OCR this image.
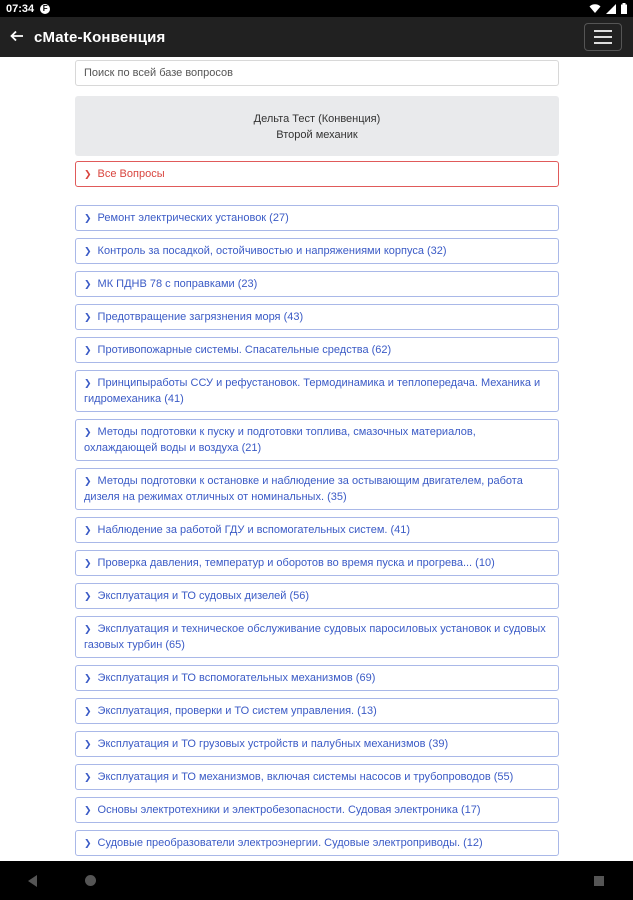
07:34	F
cMate-Конвенция
Поиск по всей базе вопросов
Дельта Тест (Конвенция)
Второй механик
❯ Все Вопросы
❯ Ремонт электрических установок (27)
❯ Контроль за посадкой, остойчивостью и напряжениями корпуса (32)
❯ МК ПДНВ 78 с поправками (23)
❯ Предотвращение загрязнения моря (43)
❯ Противопожарные системы. Спасательные средства (62)
❯ Принципыработы ССУ и рефустановок. Термодинамика и теплопередача. Механика и гидромеханика (41)
❯ Методы подготовки к пуску и подготовки топлива, смазочных материалов, охлаждающей воды и воздуха (21)
❯ Методы подготовки к остановке и наблюдение за остывающим двигателем, работа дизеля на режимах отличных от номинальных. (35)
❯ Наблюдение за работой ГДУ и вспомогательных систем. (41)
❯ Проверка давления, температур и оборотов во время пуска и прогрева... (10)
❯ Эксплуатация и ТО судовых дизелей (56)
❯ Эксплуатация и техническое обслуживание судовых паросиловых установок и судовых газовых турбин (65)
❯ Эксплуатация и ТО вспомогательных механизмов (69)
❯ Эксплуатация, проверки и ТО систем управления. (13)
❯ Эксплуатация и ТО грузовых устройств и палубных механизмов (39)
❯ Эксплуатация и ТО механизмов, включая системы насосов и трубопроводов (55)
❯ Основы электротехники и электробезопасности. Судовая электроника (17)
❯ Судовые преобразователи электроэнергии. Судовые электроприводы. (12)
